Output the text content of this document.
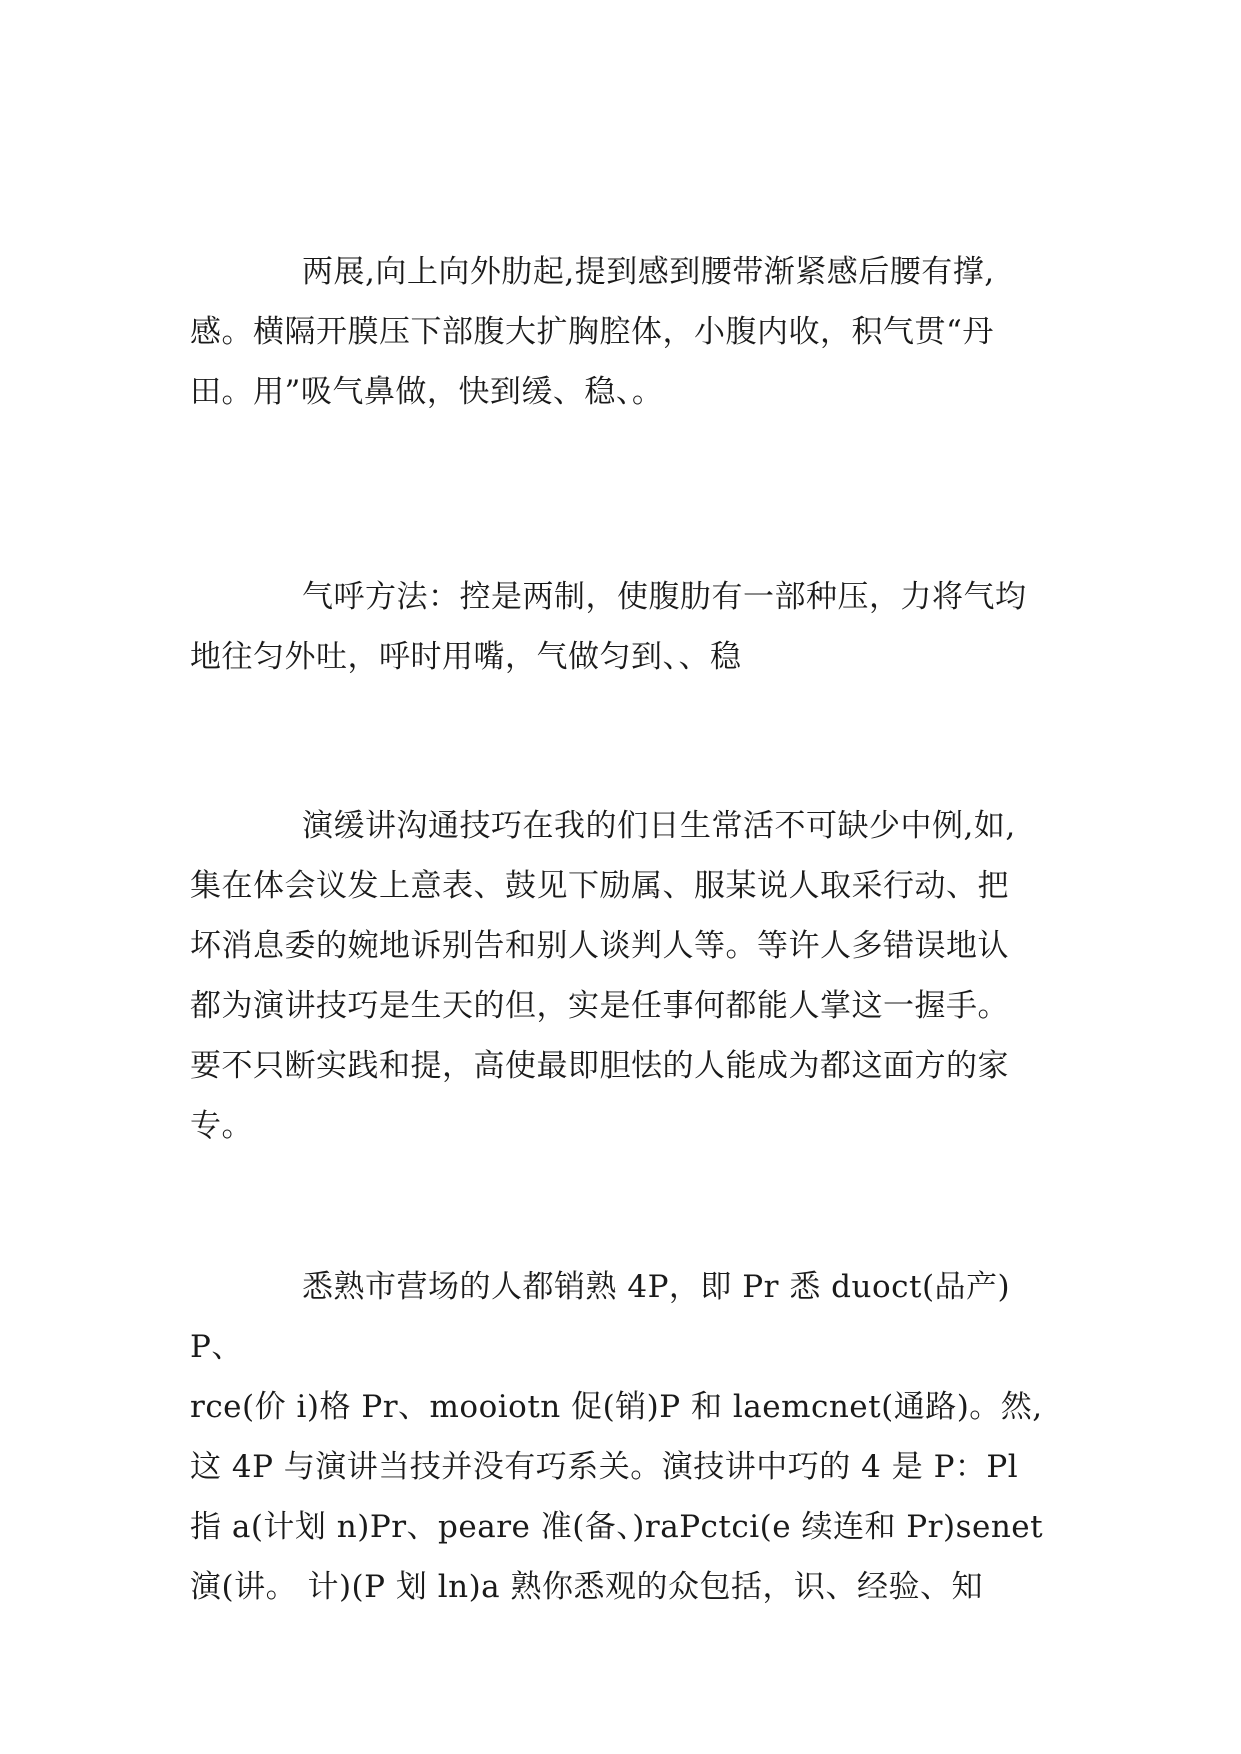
两展,向上向外肋起,提到感到腰带渐紧感后腰有撑,
感。横隔开膜压下部腹大扩胸腔体，小腹内收，积气贯“丹
田。用”吸气鼻做，快到缓、稳、。

气呼方法：控是两制，使腹肋有一部种压，力将气均
地往匀外吐，呼时用嘴，气做匀到、、稳

演缓讲沟通技巧在我的们日生常活不可缺少中例,如,
集在体会议发上意表、鼓见下励属、服某说人取采行动、把
坏消息委的婉地诉别告和别人谈判人等。等许人多错误地认
都为演讲技巧是生天的但，实是任事何都能人掌这一握手。
要不只断实践和提，高使最即胆怯的人能成为都这面方的家
专。

悉熟市营场的人都销熟 4P，即 Pr 悉 duoct(品产)P、
rce(价 i)格 Pr、mooiotn 促(销)P 和 laemcnet(通路)。然,
这 4P 与演讲当技并没有巧系关。演技讲中巧的 4 是 P：Pl
指 a(计划 n)Pr、peare 准(备、)raPctci(e 续连和 Pr)senet
演(讲。 计)(P 划 ln)a 熟你悉观的众包括，识、经验、知
